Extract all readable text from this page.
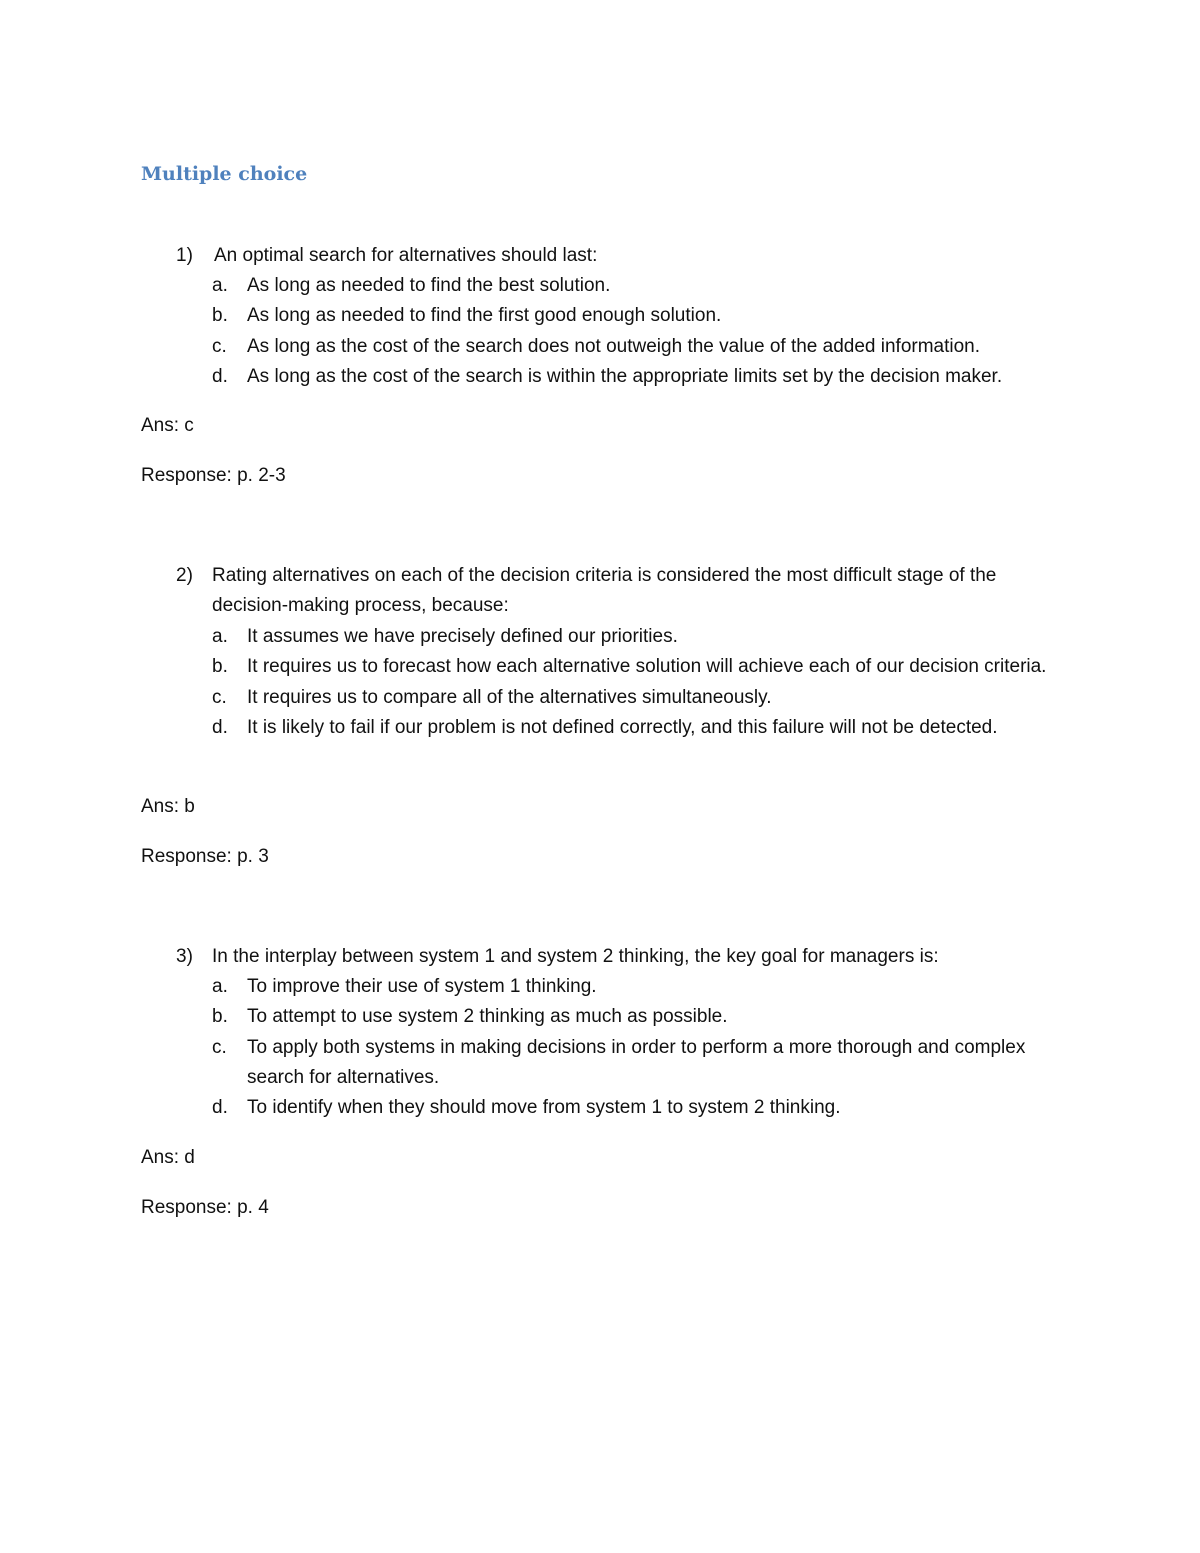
Multiple choice
1) An optimal search for alternatives should last:
a. As long as needed to find the best solution.
b. As long as needed to find the first good enough solution.
c. As long as the cost of the search does not outweigh the value of the added information.
d. As long as the cost of the search is within the appropriate limits set by the decision maker.
Ans: c
Response: p. 2-3
2) Rating alternatives on each of the decision criteria is considered the most difficult stage of the decision-making process, because:
a. It assumes we have precisely defined our priorities.
b. It requires us to forecast how each alternative solution will achieve each of our decision criteria.
c. It requires us to compare all of the alternatives simultaneously.
d. It is likely to fail if our problem is not defined correctly, and this failure will not be detected.
Ans: b
Response: p. 3
3) In the interplay between system 1 and system 2 thinking, the key goal for managers is:
a. To improve their use of system 1 thinking.
b. To attempt to use system 2 thinking as much as possible.
c. To apply both systems in making decisions in order to perform a more thorough and complex search for alternatives.
d. To identify when they should move from system 1 to system 2 thinking.
Ans: d
Response: p. 4
